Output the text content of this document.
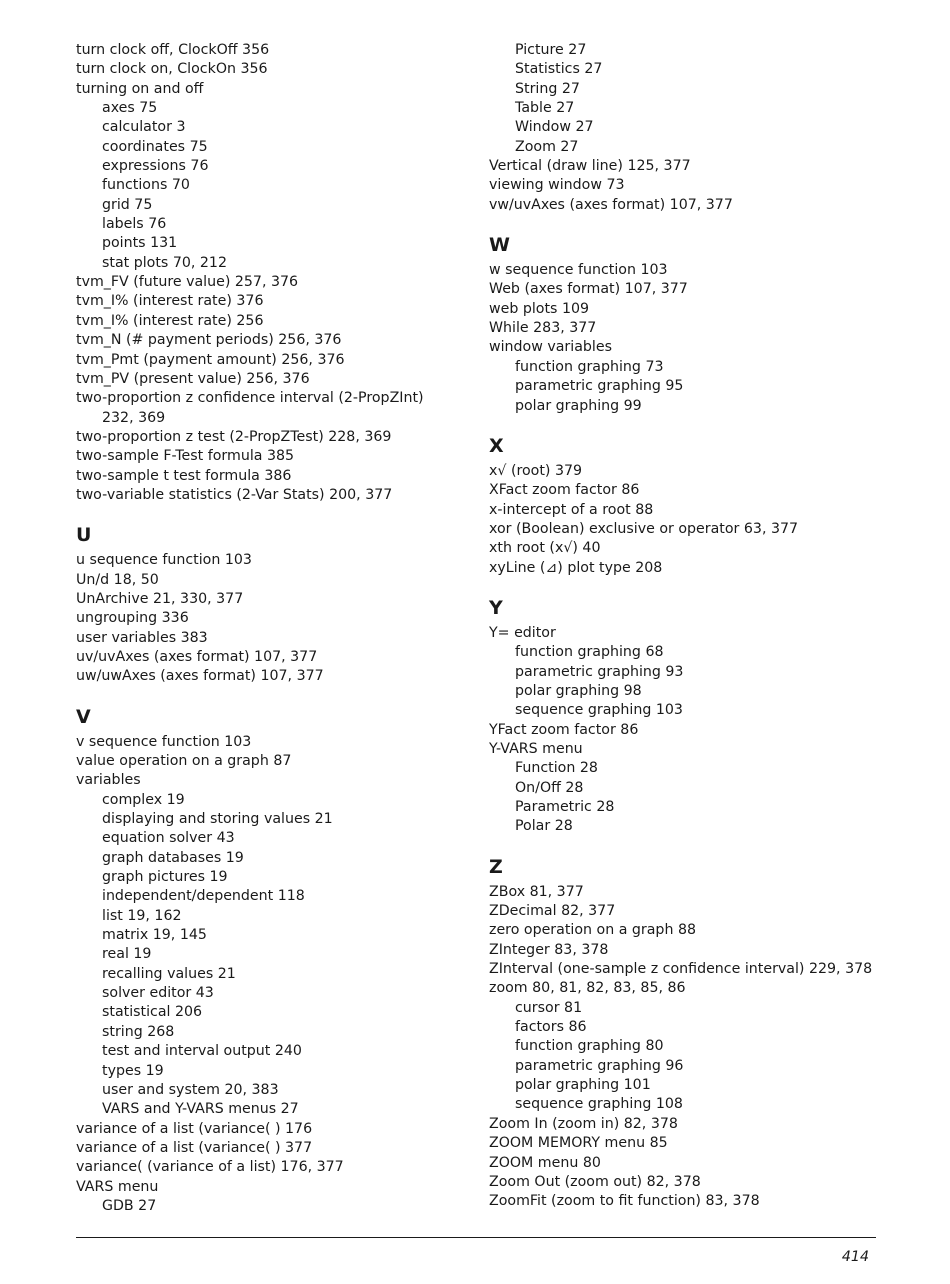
turn clock off, ClockOff 356
turn clock on, ClockOn 356
turning on and off
axes 75
calculator 3
coordinates 75
expressions 76
functions 70
grid 75
labels 76
points 131
stat plots 70, 212
tvm_FV (future value) 257, 376
tvm_I% (interest rate) 376
tvm_I% (interest rate) 256
tvm_N (# payment periods) 256, 376
tvm_Pmt (payment amount) 256, 376
tvm_PV (present value) 256, 376
two-proportion z confidence interval (2-PropZInt)
232, 369
two-proportion z test (2-PropZTest) 228, 369
two-sample F-Test formula 385
two-sample t test formula 386
two-variable statistics (2-Var Stats) 200, 377
U
u sequence function 103
Un/d 18, 50
UnArchive 21, 330, 377
ungrouping 336
user variables 383
uv/uvAxes (axes format) 107, 377
uw/uwAxes (axes format) 107, 377
V
v sequence function 103
value operation on a graph 87
variables
complex 19
displaying and storing values 21
equation solver 43
graph databases 19
graph pictures 19
independent/dependent 118
list 19, 162
matrix 19, 145
real 19
recalling values 21
solver editor 43
statistical 206
string 268
test and interval output 240
types 19
user and system 20, 383
VARS and Y-VARS menus 27
variance of a list (variance( ) 176
variance of a list (variance( ) 377
variance( (variance of a list) 176, 377
VARS menu
GDB 27
Picture 27
Statistics 27
String 27
Table 27
Window 27
Zoom 27
Vertical (draw line) 125, 377
viewing window 73
vw/uvAxes (axes format) 107, 377
W
w sequence function 103
Web (axes format) 107, 377
web plots 109
While 283, 377
window variables
function graphing 73
parametric graphing 95
polar graphing 99
X
x√ (root) 379
XFact zoom factor 86
x-intercept of a root 88
xor (Boolean) exclusive or operator 63, 377
xth root (x√) 40
xyLine (⊿) plot type 208
Y
Y= editor
function graphing 68
parametric graphing 93
polar graphing 98
sequence graphing 103
YFact zoom factor 86
Y-VARS menu
Function 28
On/Off 28
Parametric 28
Polar 28
Z
ZBox 81, 377
ZDecimal 82, 377
zero operation on a graph 88
ZInteger 83, 378
ZInterval (one-sample z confidence interval) 229, 378
zoom 80, 81, 82, 83, 85, 86
cursor 81
factors 86
function graphing 80
parametric graphing 96
polar graphing 101
sequence graphing 108
Zoom In (zoom in) 82, 378
ZOOM MEMORY menu 85
ZOOM menu 80
Zoom Out (zoom out) 82, 378
ZoomFit (zoom to fit function) 83, 378
414
